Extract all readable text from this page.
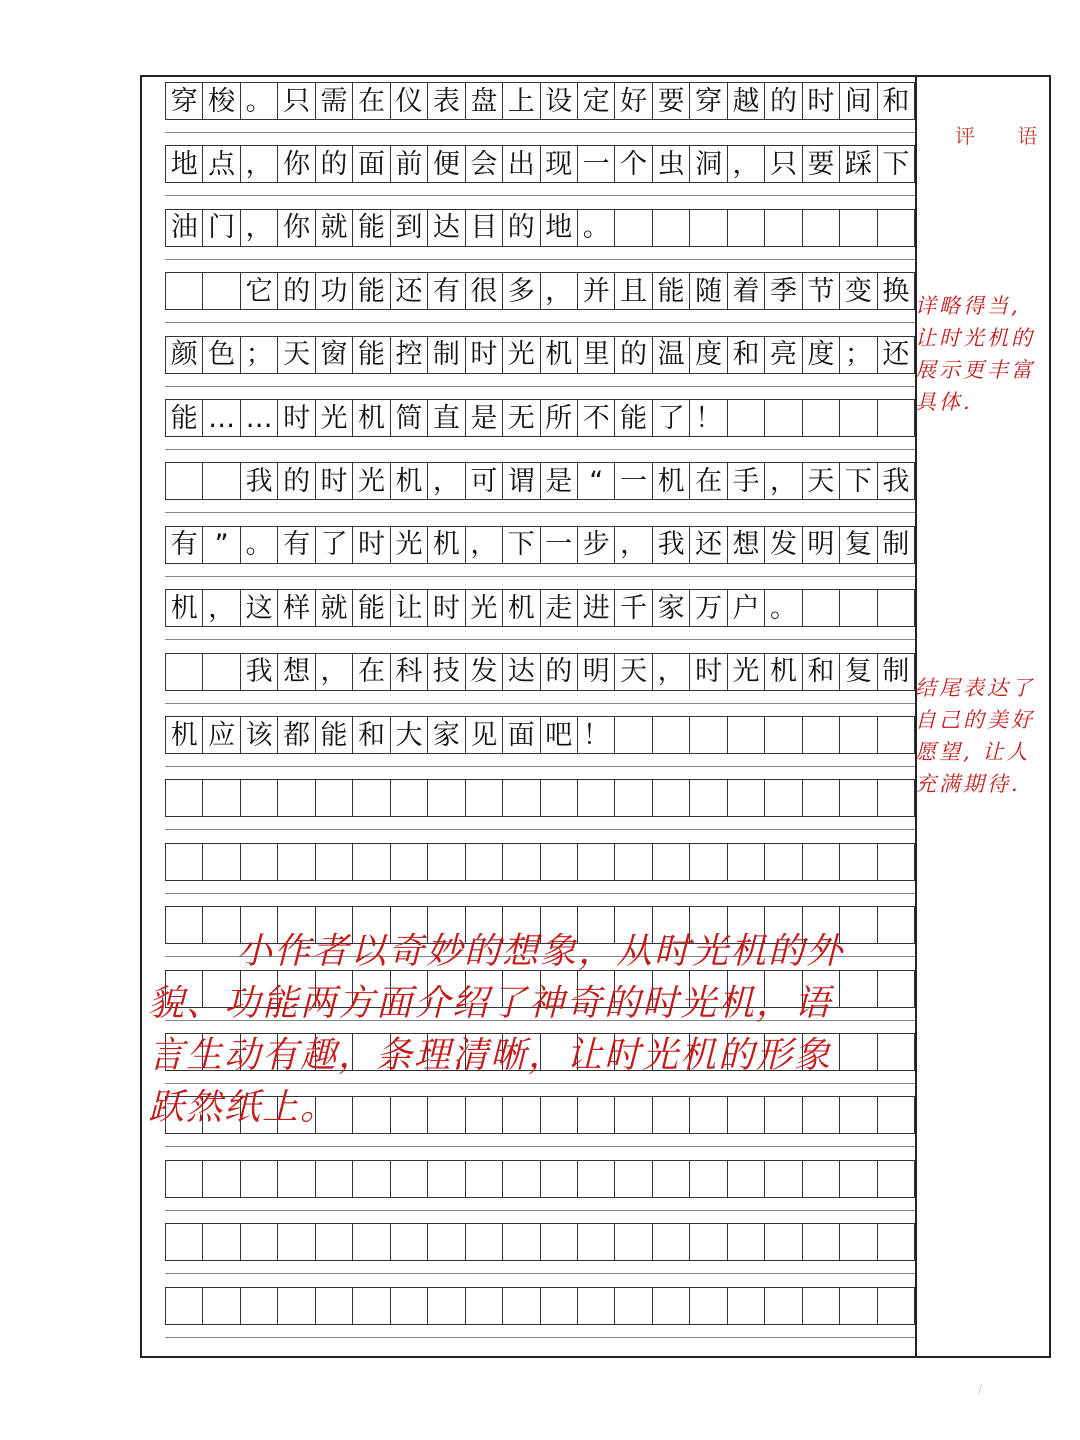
评 语
穿 梭 。 只 需 在 仪 表 盘 上 设 定 好 要 穿 越 的 时 间 和
地 点 ， 你 的 面 前 便 会 出 现 一 个 虫 洞 ， 只 要 踩 下
油 门 ， 你 就 能 到 达 目 的 地 。
它 的 功 能 还 有 很 多 ， 并 且 能 随 着 季 节 变 换
颜 色 ； 天 窗 能 控 制 时 光 机 里 的 温 度 和 亮 度 ； 还
能 … … 时 光 机 简 直 是 无 所 不 能 了 ！
我 的 时 光 机 ， 可 谓 是 “ 一 机 在 手 ， 天 下 我
有 ” 。 有 了 时 光 机 ， 下 一 步 ， 我 还 想 发 明 复 制
机 ， 这 样 就 能 让 时 光 机 走 进 千 家 万 户 。
我 想 ， 在 科 技 发 达 的 明 天 ， 时 光 机 和 复 制
机 应 该 都 能 和 大 家 见 面 吧 ！
详略得当,
让时光机的
展示更丰富
具体.
结尾表达了
自己的美好
愿望, 让人
充满期待.
小作者以奇妙的想象，从时光机的外
貌、功能两方面介绍了神奇的时光机，语
言生动有趣，条理清晰，让时光机的形象
跃然纸上。
/
